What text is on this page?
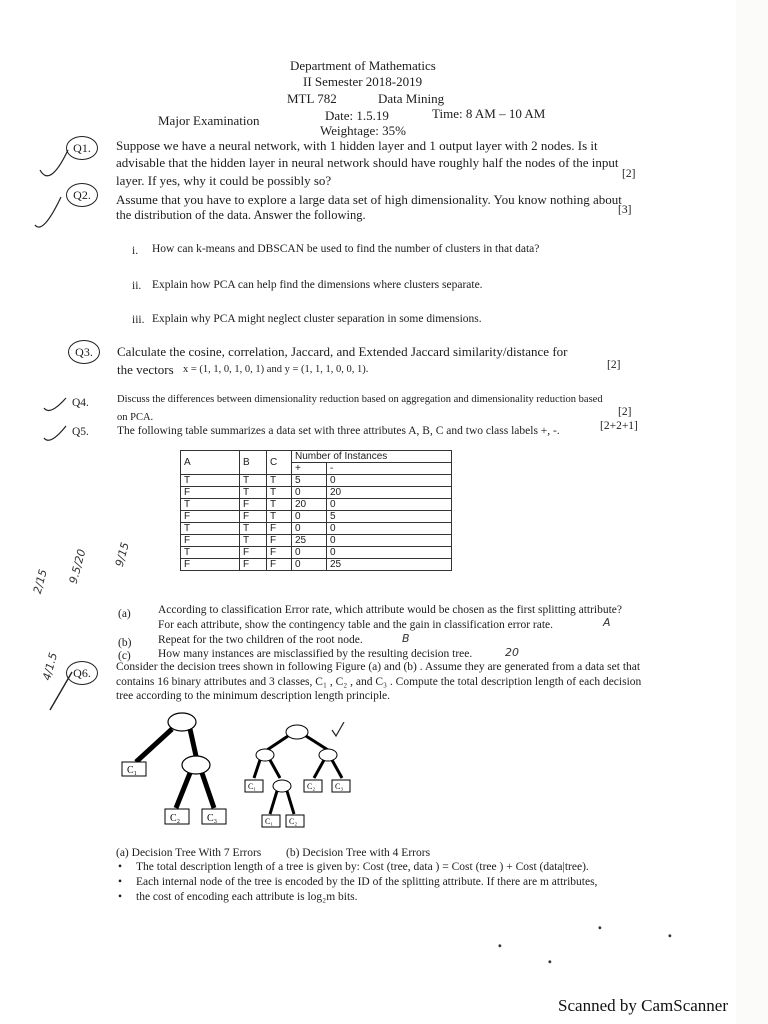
Department of Mathematics
II Semester 2018-2019
MTL 782	Data Mining
Major Examination	Date: 1.5.19	Time: 8 AM – 10 AM
Weightage: 35%
Q1.	Suppose we have a neural network, with 1 hidden layer and 1 output layer with 2 nodes. Is it
advisable that the hidden layer in neural network should have roughly half the nodes of the input
layer. If yes, why it could be possibly so?	[2]
Q2.	Assume that you have to explore a large data set of high dimensionality. You know nothing about
the distribution of the data. Answer the following.	[3]
i. How can k-means and DBSCAN be used to find the number of clusters in that data?
ii. Explain how PCA can help find the dimensions where clusters separate.
iii. Explain why PCA might neglect cluster separation in some dimensions.
Q3.	Calculate the cosine, correlation, Jaccard, and Extended Jaccard similarity/distance for
the vectors x = (1, 1, 0, 1, 0, 1) and y = (1, 1, 1, 0, 0, 1).	[2]
Q4.	Discuss the differences between dimensionality reduction based on aggregation and dimensionality reduction based
on PCA.	[2]
Q5. The following table summarizes a data set with three attributes A, B, C and two class labels +, -.	[2+2+1]
A	B	C	Number of Instances	
			+	-
T	T	T	5	0
F	T	T	0	20
T	F	T	20	0
F	F	T	0	5
T	T	F	0	0
F	T	F	25	0
T	F	F	0	0
F	F	F	0	25
(a) According to classification Error rate, which attribute would be chosen as the first splitting attribute?
For each attribute, show the contingency table and the gain in classification error rate.
(b) Repeat for the two children of the root node.
(c) How many instances are misclassified by the resulting decision tree.
Q6.	Consider the decision trees shown in following Figure (a) and (b) . Assume they are generated from a data set that
contains 16 binary attributes and 3 classes, C₁ , C₂ , and C₃ . Compute the total description length of each decision
tree according to the minimum description length principle.
C₁
C₂	C₃
C₁	C₂ C₃
C₁ C₂
(a) Decision Tree With 7 Errors (b) Decision Tree with 4 Errors
• The total description length of a tree is given by: Cost (tree, data ) = Cost (tree ) + Cost (data|tree).
• Each internal node of the tree is encoded by the ID of the splitting attribute. If there are m attributes,
• the cost of encoding each attribute is log₂m bits.
A
B
20
2/15 9.5/20 9/15
4/1.5
•
•
•
•
Scanned by CamScanner
